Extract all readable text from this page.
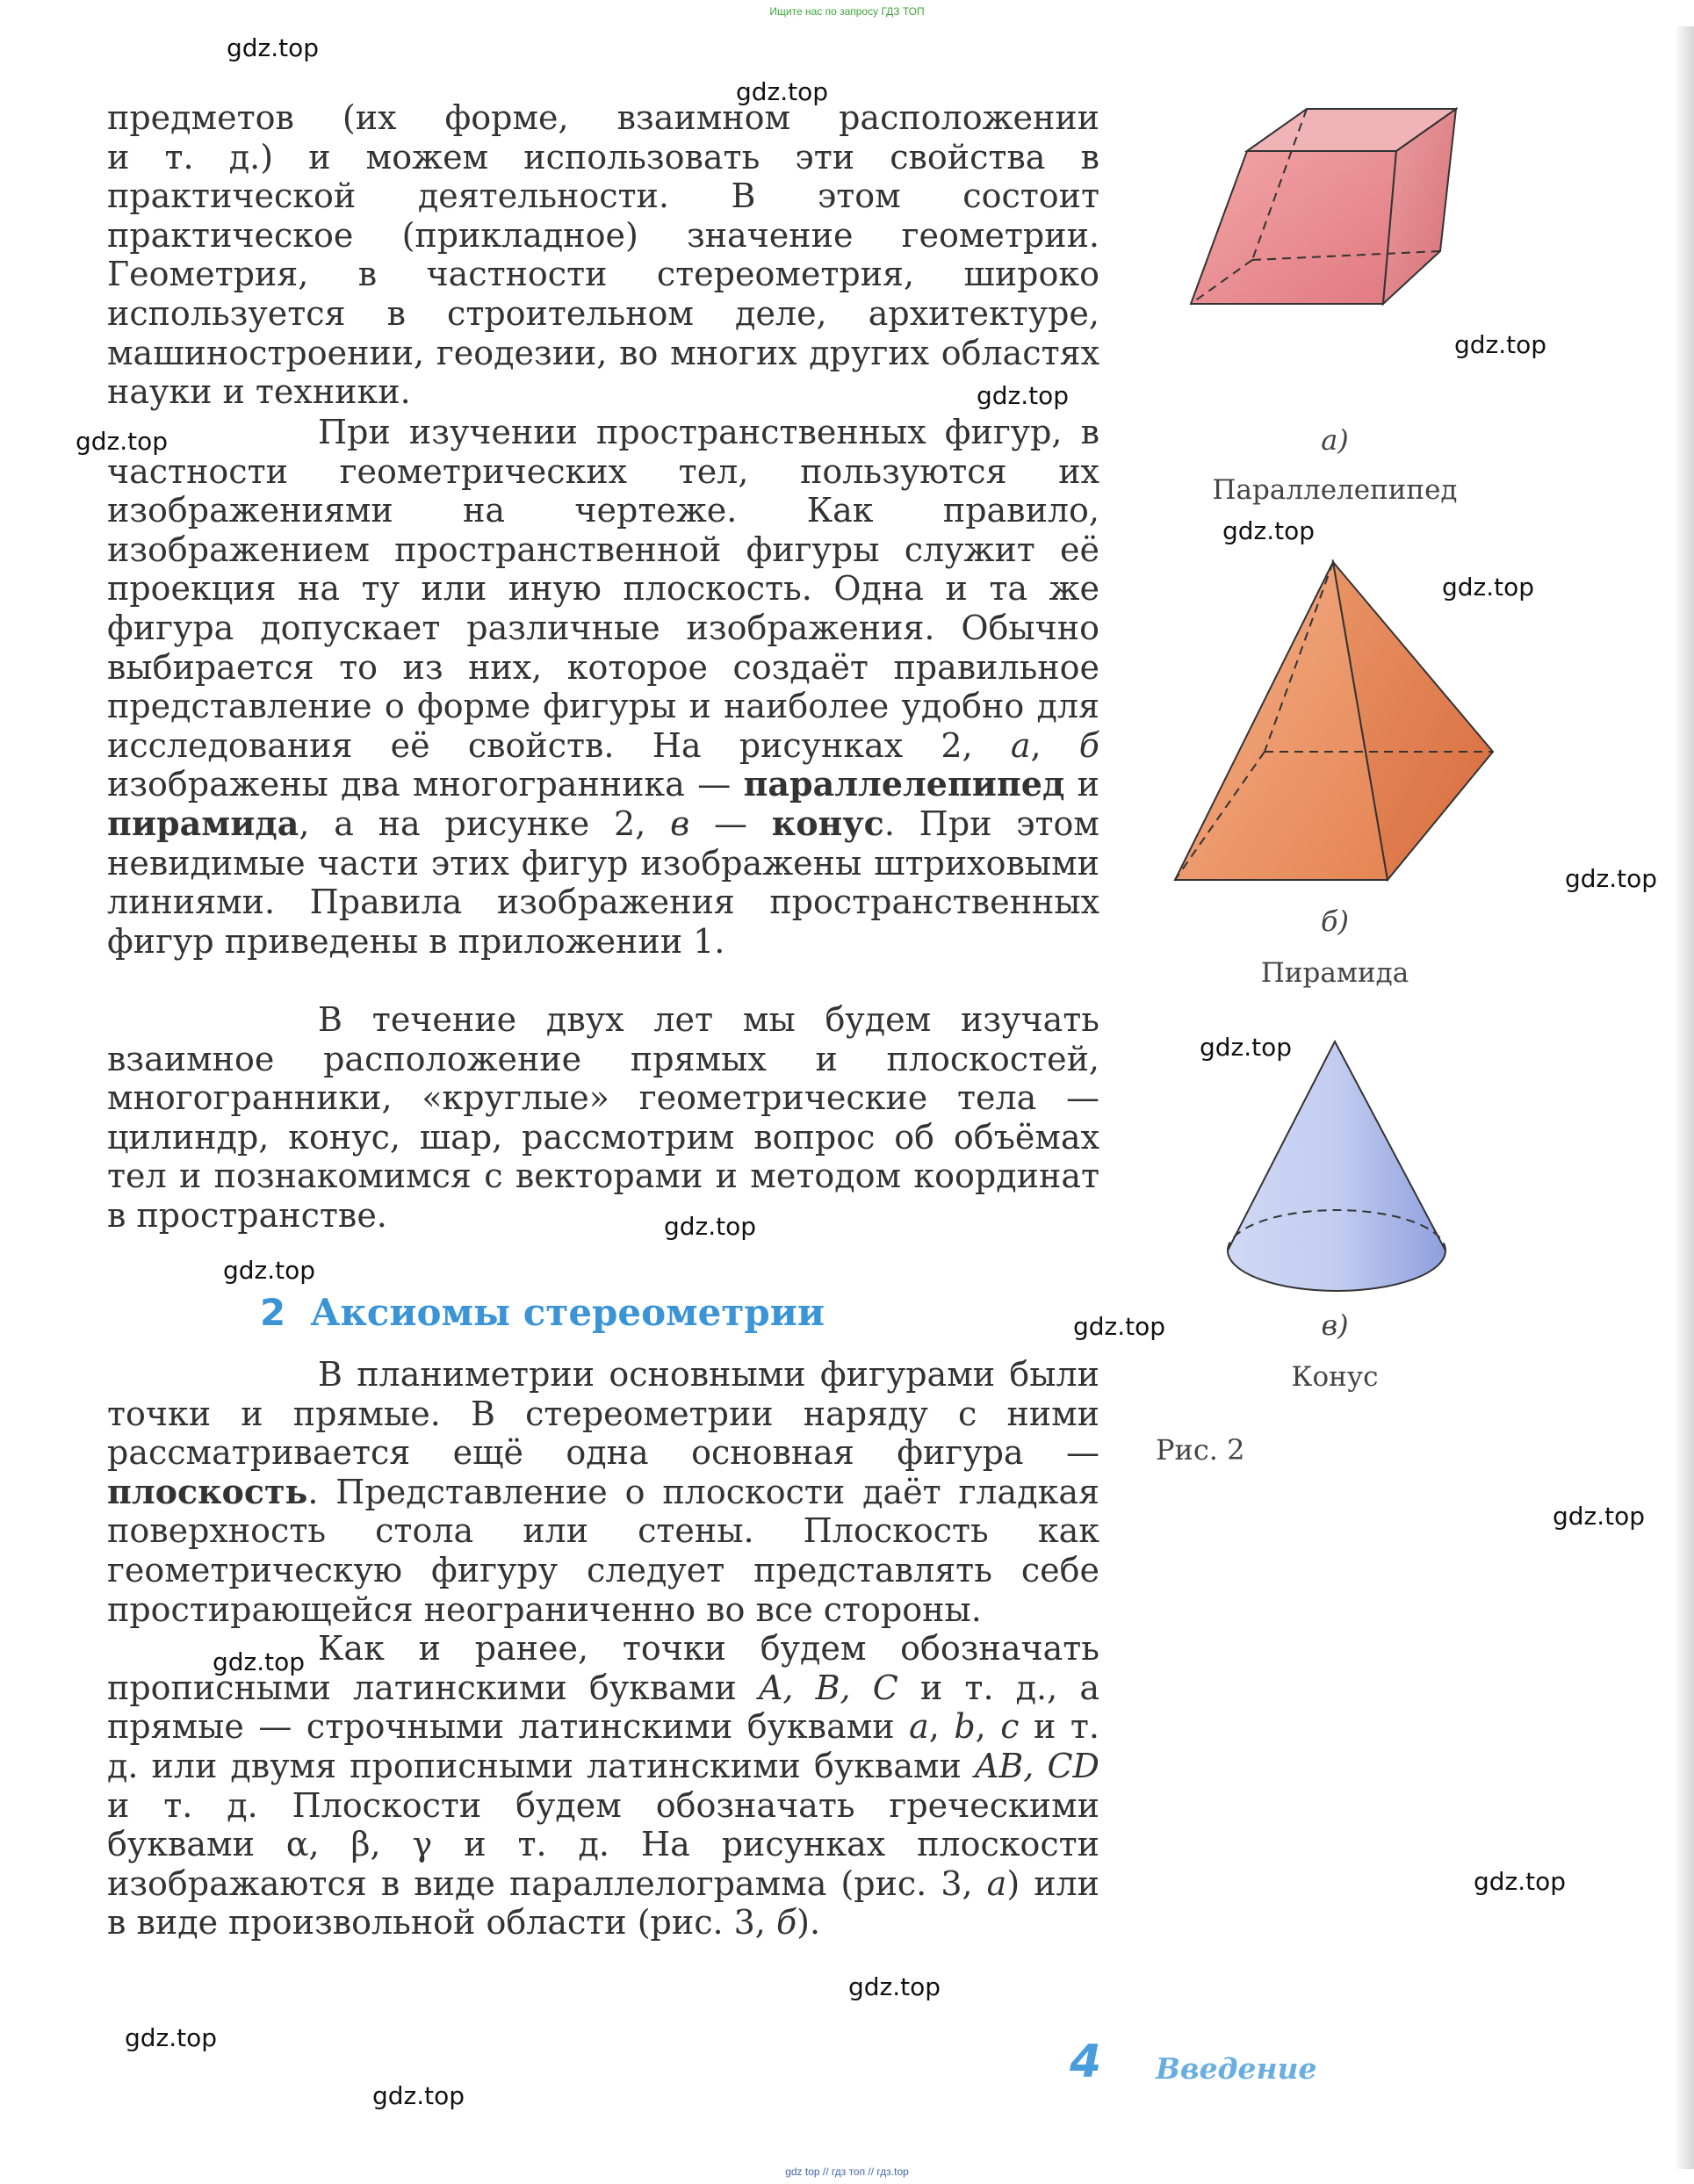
Ищите нас по запросу ГДЗ ТОП

предметов (их форме, взаимном расположении

и т. д.) и можем использовать эти свойства в практической деятельности. В этом состоит практическое (прикладное) значение геометрии. Геометрия, в частности стереометрия, широко используется в строительном деле, архитектуре, машиностроении, геодезии, во многих других областях науки и техники.

При изучении пространственных фигур, в частности геометрических тел, пользуются их изображениями на чертеже. Как правило, изображением пространственной фигуры служит её проекция на ту или иную плоскость. Одна и та же фигура допускает различные изображения. Обычно выбирается то из них, которое создаёт правильное представление о форме фигуры и наиболее удобно для исследования её свойств. На рисунках 2, а, б изображены два многогранника — параллелепипед и пирамида, а на рисунке 2, в — конус. При этом невидимые части этих фигур изображены штриховыми линиями. Правила изображения пространственных фигур приведены в приложении 1.

В течение двух лет мы будем изучать взаимное расположение прямых и плоскостей, многогранники, «круглые» геометрические тела — цилиндр, конус, шар, рассмотрим вопрос об объёмах тел и познакомимся с векторами и методом координат в пространстве.

2 Аксиомы стереометрии

В планиметрии основными фигурами были точки и прямые. В стереометрии наряду с ними рассматривается ещё одна основная фигура — плоскость. Представление о плоскости даёт гладкая поверхность стола или стены. Плоскость как геометрическую фигуру следует представлять себе простирающейся неограниченно во все стороны.

Как и ранее, точки будем обозначать прописными латинскими буквами A, B, C и т. д., а прямые — строчными латинскими буквами a, b, c и т. д. или двумя прописными латинскими буквами AB, CD и т. д. Плоскости будем обозначать греческими буквами α, β, γ и т. д. На рисунках плоскости изображаются в виде параллелограмма (рис. 3, а) или в виде произвольной области (рис. 3, б).

а)
Параллелепипед
б)
Пирамида
в)
Конус
Рис. 2
4 Введение
gdz top // гдз топ // гдз.top
gdz.top
gdz.top
gdz.top
gdz.top
gdz.top
gdz.top
gdz.top
gdz.top
gdz.top
gdz.top
gdz.top
gdz.top
gdz.top
gdz.top
gdz.top
gdz.top
gdz.top
gdz.top
